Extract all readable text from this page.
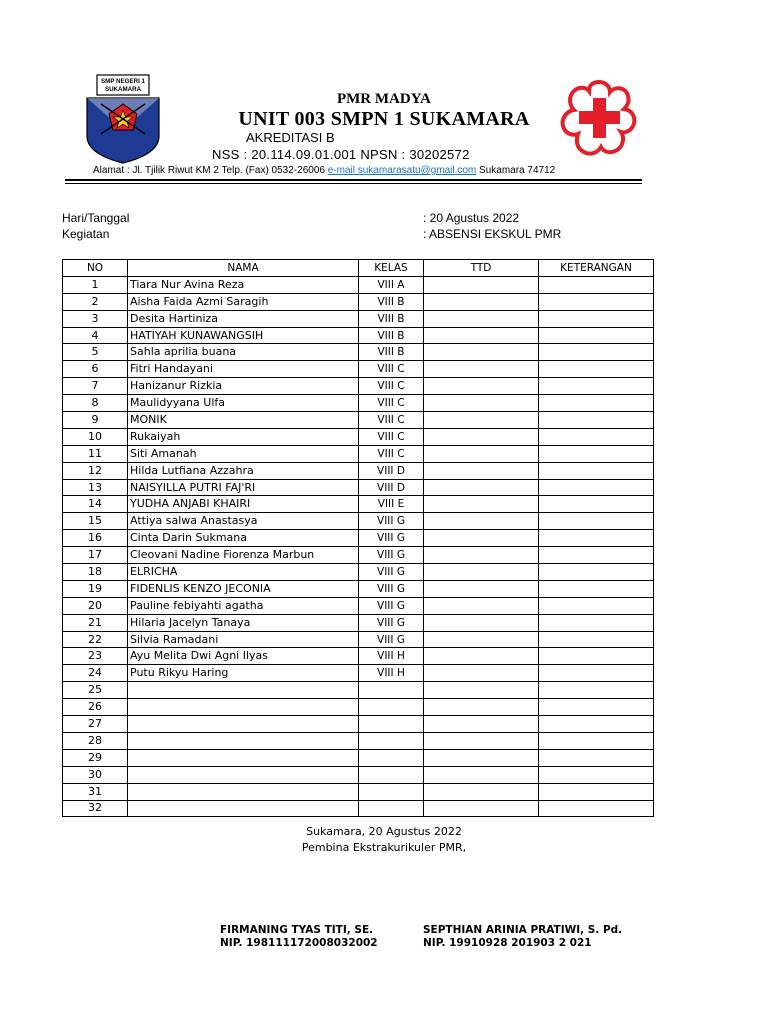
SMP NEGERI 1
SUKAMARA
PMR MADYA
UNIT 003 SMPN 1 SUKAMARA
AKREDITASI B
NSS : 20.114.09.01.001 NPSN : 30202572
Alamat : Jl. Tjilik Riwut KM 2 Telp. (Fax) 0532-26006 e-mail sukamarasatu@gmail.com Sukamara 74712
Hari/Tanggal	: 20 Agustus 2022
Kegiatan	: ABSENSI EKSKUL PMR
NO	NAMA	KELAS	TTD	KETERANGAN
1	Tiara Nur Avina Reza	VIII A		
2	Aisha Faida Azmi Saragih	VIII B		
3	Desita Hartiniza	VIII B		
4	HATIYAH KUNAWANGSIH	VIII B		
5	Sahla aprilia buana	VIII B		
6	Fitri Handayani	VIII C		
7	Hanizanur Rizkia	VIII C		
8	Maulidyyana Ulfa	VIII C		
9	MONIK	VIII C		
10	Rukaiyah	VIII C		
11	Siti Amanah	VIII C		
12	Hilda Lutfiana Azzahra	VIII D		
13	NAISYILLA PUTRI FAJ'RI	VIII D		
14	YUDHA ANJABI KHAIRI	VIII E		
15	Attiya salwa Anastasya	VIII G		
16	Cinta Darin Sukmana	VIII G		
17	Cleovani Nadine Fiorenza Marbun	VIII G		
18	ELRICHA	VIII G		
19	FIDENLIS KENZO JECONIA	VIII G		
20	Pauline febiyahti agatha	VIII G		
21	Hilaria Jacelyn Tanaya	VIII G		
22	Silvia Ramadani	VIII G		
23	Ayu Melita Dwi Agni Ilyas	VIII H		
24	Putu Rikyu Haring	VIII H		
25				
26				
27				
28				
29				
30				
31				
32				
Sukamara, 20 Agustus 2022
Pembina Ekstrakurikuler PMR,
FIRMANING TYAS TITI, SE.
NIP. 198111172008032002
SEPTHIAN ARINIA PRATIWI, S. Pd.
NIP. 19910928 201903 2 021
